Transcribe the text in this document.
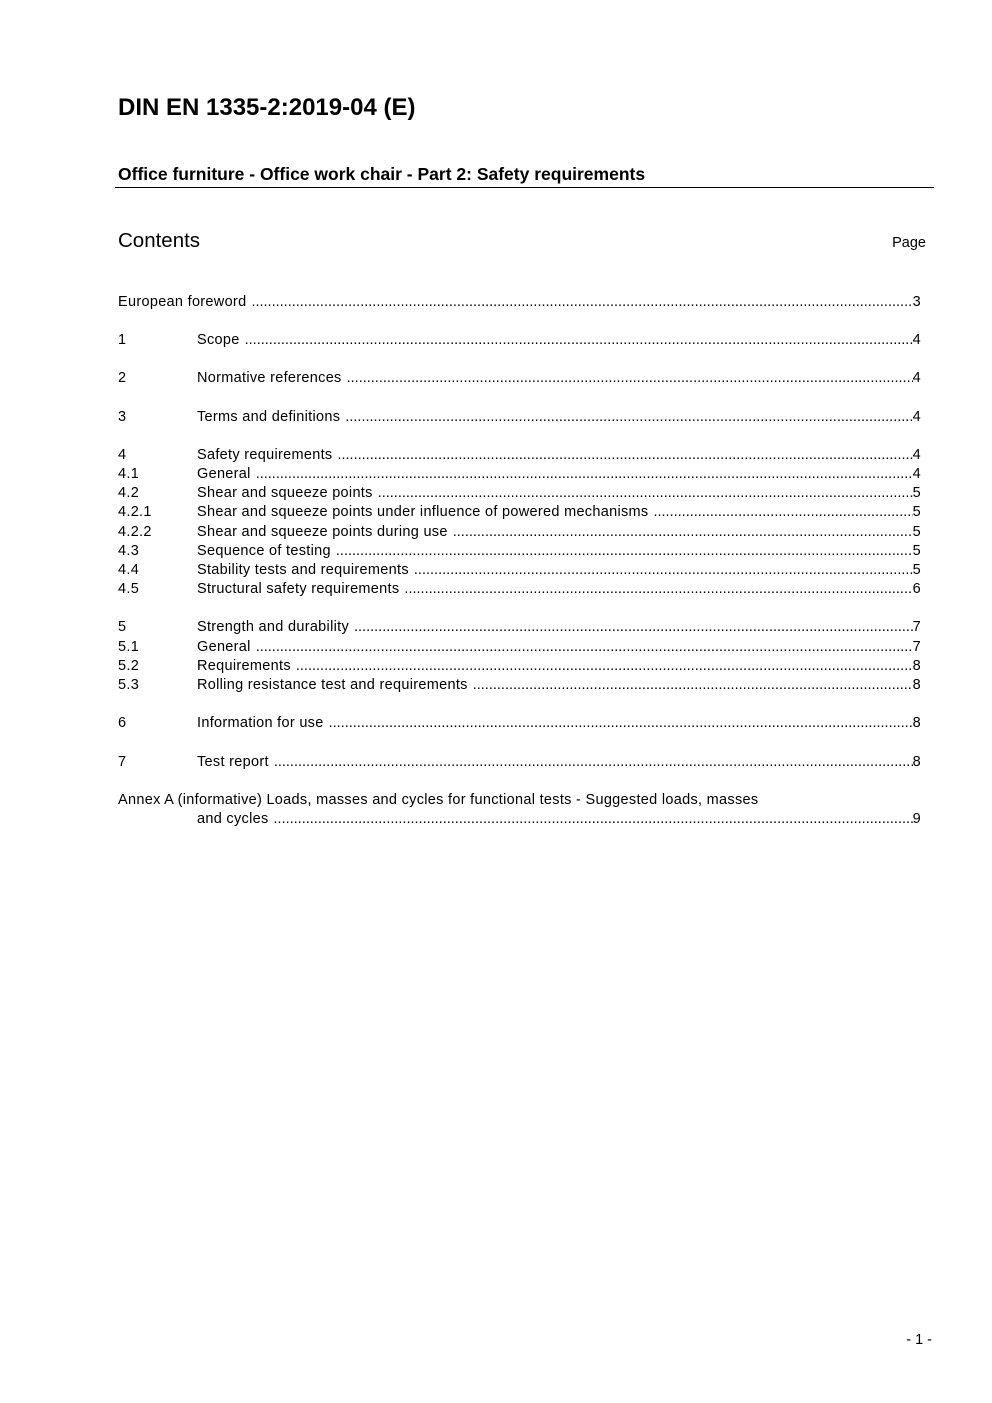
DIN EN 1335-2:2019-04 (E)
Office furniture - Office work chair - Part 2: Safety requirements
Contents	Page
European foreword .....	3
1	Scope .....	4
2	Normative references .....	4
3	Terms and definitions .....	4
4	Safety requirements .....	4
4.1	General .....	4
4.2	Shear and squeeze points .....	5
4.2.1	Shear and squeeze points under influence of powered mechanisms .....	5
4.2.2	Shear and squeeze points during use .....	5
4.3	Sequence of testing .....	5
4.4	Stability tests and requirements .....	5
4.5	Structural safety requirements .....	6
5	Strength and durability .....	7
5.1	General .....	7
5.2	Requirements .....	8
5.3	Rolling resistance test and requirements .....	8
6	Information for use .....	8
7	Test report .....	8
Annex A (informative) Loads, masses and cycles for functional tests - Suggested loads, masses
and cycles .....	9
- 1 -
